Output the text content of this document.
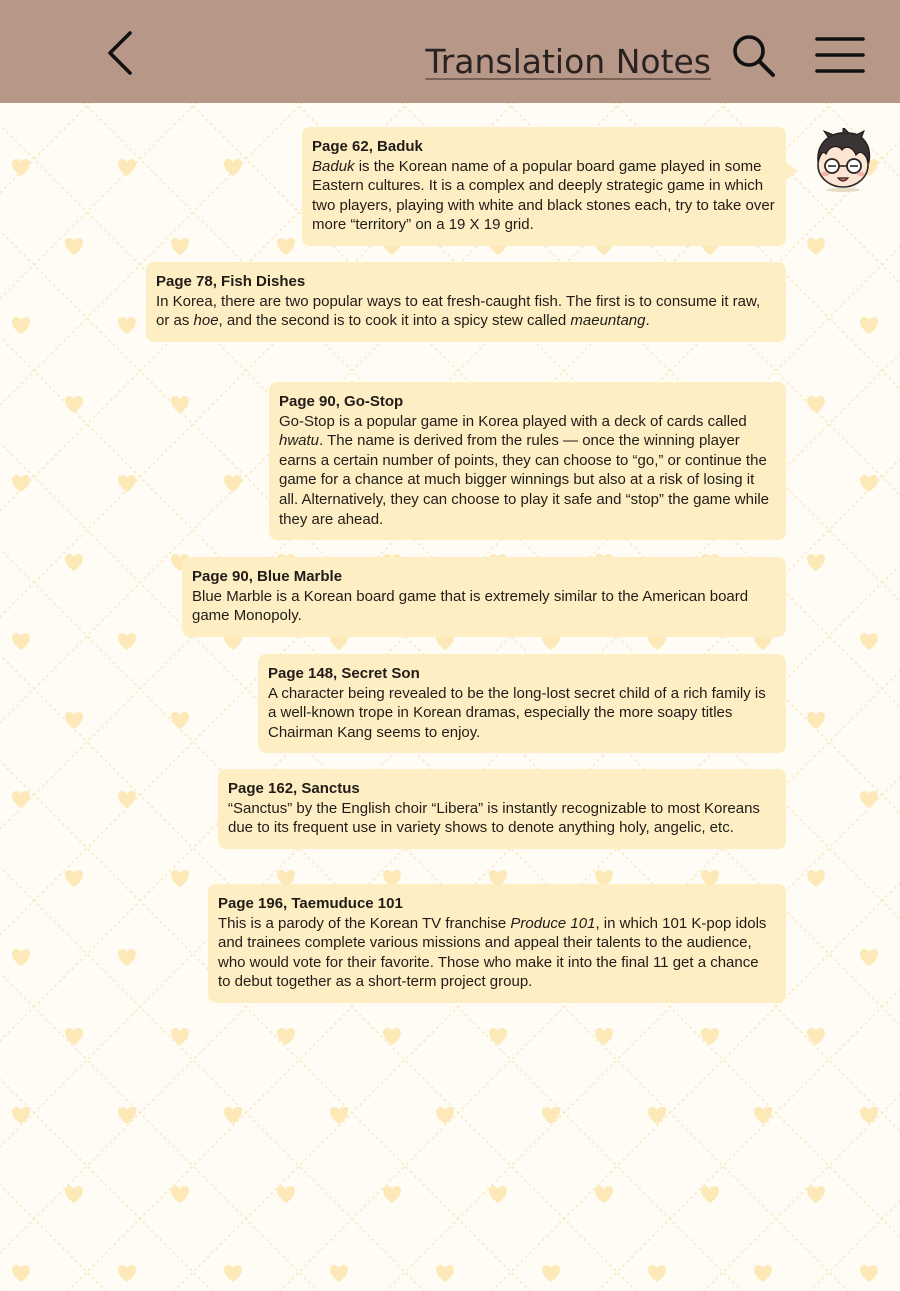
Translation Notes
Page 62, Baduk

Baduk is the Korean name of a popular board game played in some Eastern cultures. It is a complex and deeply strategic game in which two players, playing with white and black stones each, try to take over more “territory” on a 19 X 19 grid.

Page 78, Fish Dishes

In Korea, there are two popular ways to eat fresh-caught fish. The first is to consume it raw, or as hoe, and the second is to cook it into a spicy stew called maeuntang.

Page 90, Go-Stop

Go-Stop is a popular game in Korea played with a deck of cards called hwatu. The name is derived from the rules — once the winning player earns a certain number of points, they can choose to “go,” or continue the game for a chance at much bigger winnings but also at a risk of losing it all. Alternatively, they can choose to play it safe and “stop” the game while they are ahead.

Page 90, Blue Marble

Blue Marble is a Korean board game that is extremely similar to the American board game Monopoly.

Page 148, Secret Son

A character being revealed to be the long-lost secret child of a rich family is a well-known trope in Korean dramas, especially the more soapy titles Chairman Kang seems to enjoy.

Page 162, Sanctus

“Sanctus” by the English choir “Libera” is instantly recognizable to most Koreans due to its frequent use in variety shows to denote anything holy, angelic, etc.

Page 196, Taemuduce 101

This is a parody of the Korean TV franchise Produce 101, in which 101 K-pop idols and trainees complete various missions and appeal their talents to the audience, who would vote for their favorite. Those who make it into the final 11 get a chance to debut together as a short-term project group.
